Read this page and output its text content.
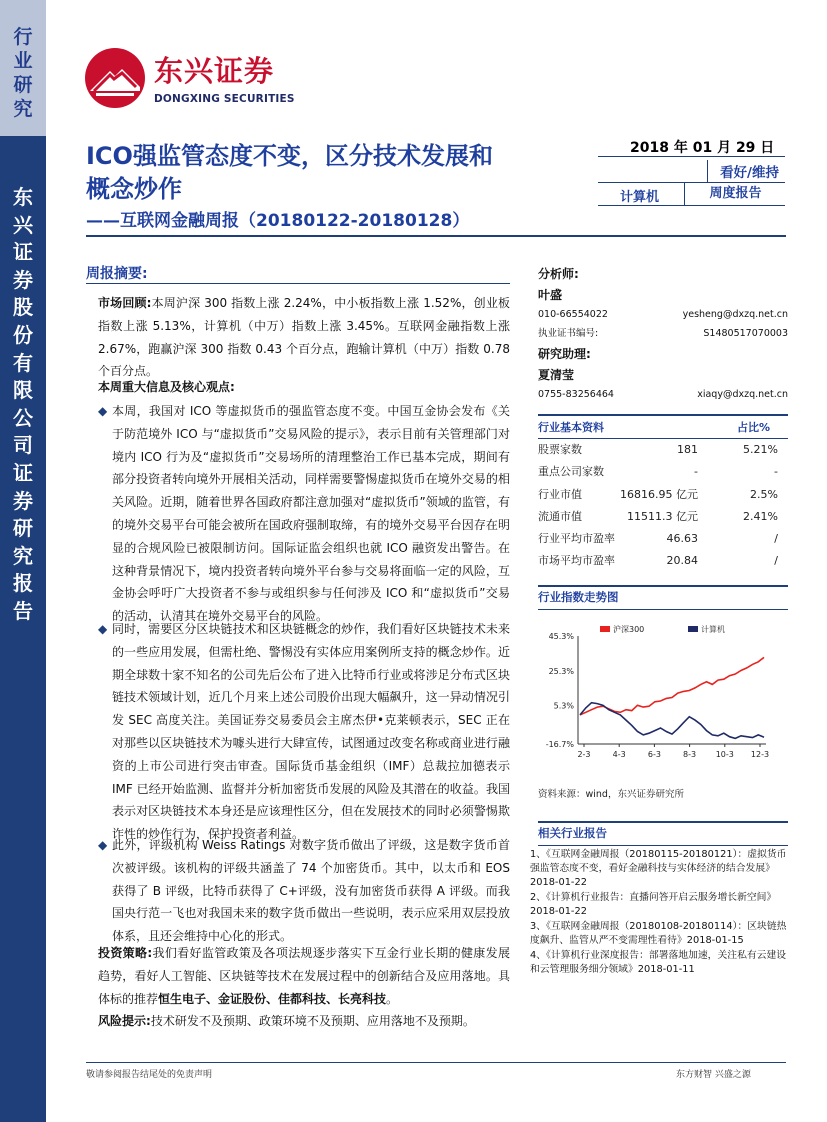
行业研究
东兴证券股份有限公司证券研究报告
东兴证券
DONGXING SECURITIES
ICO强监管态度不变，区分技术发展和概念炒作
——互联网金融周报（20180122-20180128）
2018 年 01 月 29 日
看好/维持
计算机	周度报告
周报摘要:
市场回顾:本周沪深 300 指数上涨 2.24%，中小板指数上涨 1.52%，创业板指数上涨 5.13%，计算机（中万）指数上涨 3.45%。互联网金融指数上涨 2.67%，跑赢沪深 300 指数 0.43 个百分点，跑输计算机（中万）指数 0.78 个百分点。
本周重大信息及核心观点:
◆ 本周，我国对 ICO 等虚拟货币的强监管态度不变。中国互金协会发布《关于防范境外 ICO 与“虚拟货币”交易风险的提示》，表示目前有关管理部门对境内 ICO 行为及“虚拟货币”交易场所的清理整治工作已基本完成，期间有部分投资者转向境外开展相关活动，同样需要警惕虚拟货币在境外交易的相关风险。近期，随着世界各国政府都注意加强对“虚拟货币”领域的监管，有的境外交易平台可能会被所在国政府强制取缔，有的境外交易平台因存在明显的合规风险已被限制访问。国际证监会组织也就 ICO 融资发出警告。在这种背景情况下，境内投资者转向境外平台参与交易将面临一定的风险，互金协会呼吁广大投资者不参与或组织参与任何涉及 ICO 和“虚拟货币”交易的活动，认清其在境外交易平台的风险。
◆ 同时，需要区分区块链技术和区块链概念的炒作，我们看好区块链技术未来的一些应用发展，但需杜绝、警惕没有实体应用案例所支持的概念炒作。近期全球数十家不知名的公司先后公布了进入比特币行业或将涉足分布式区块链技术领域计划，近几个月来上述公司股价出现大幅飙升，这一异动情况引发 SEC 高度关注。美国证券交易委员会主席杰伊•克莱顿表示，SEC 正在对那些以区块链技术为噱头进行大肆宣传，试图通过改变名称或商业进行融资的上市公司进行突击审查。国际货币基金组织（IMF）总裁拉加德表示 IMF 已经开始监测、监督并分析加密货币发展的风险及其潜在的收益。我国表示对区块链技术本身还是应该理性区分，但在发展技术的同时必须警惕欺诈性的炒作行为，保护投资者利益。
◆ 此外，评级机构 Weiss Ratings 对数字货币做出了评级，这是数字货币首次被评级。该机构的评级共涵盖了 74 个加密货币。其中，以太币和 EOS 获得了 B 评级，比特币获得了 C+评级，没有加密货币获得 A 评级。而我国央行范一飞也对我国未来的数字货币做出一些说明，表示应采用双层投放体系，且还会维持中心化的形式。
投资策略:我们看好监管政策及各项法规逐步落实下互金行业长期的健康发展趋势，看好人工智能、区块链等技术在发展过程中的创新结合及应用落地。具体标的推荐恒生电子、金证股份、佳都科技、长亮科技。
风险提示:技术研发不及预期、政策环境不及预期、应用落地不及预期。
分析师:
叶盛
010-66554022	yesheng@dxzq.net.cn
执业证书编号:	S1480517070003
研究助理:
夏清莹
0755-83256464	xiaqy@dxzq.net.cn
行业基本资料	占比%
股票家数	181	5.21%
重点公司家数	-	-
行业市值	16816.95 亿元	2.5%
流通市值	11511.3 亿元	2.41%
行业平均市盈率	46.63	/
市场平均市盈率	20.84	/
行业指数走势图
45.3%
25.3%
5.3%
-16.7%
2-3	4-3	6-3	8-3 10-3 12-3
沪深300	计算机
资料来源：wind，东兴证券研究所
相关行业报告
1、《互联网金融周报（20180115-20180121）：虚拟货币强监管态度不变，看好金融科技与实体经济的结合发展》2018-01-22
2、《计算机行业报告：直播问答开启云服务增长新空间》2018-01-22
3、《互联网金融周报（20180108-20180114）：区块链热度飙升、监管从严不变需理性看待》2018-01-15
4、《计算机行业深度报告：部署落地加速，关注私有云建设和云管理服务细分领域》2018-01-11
敬请参阅报告结尾处的免责声明	东方财智 兴盛之源
